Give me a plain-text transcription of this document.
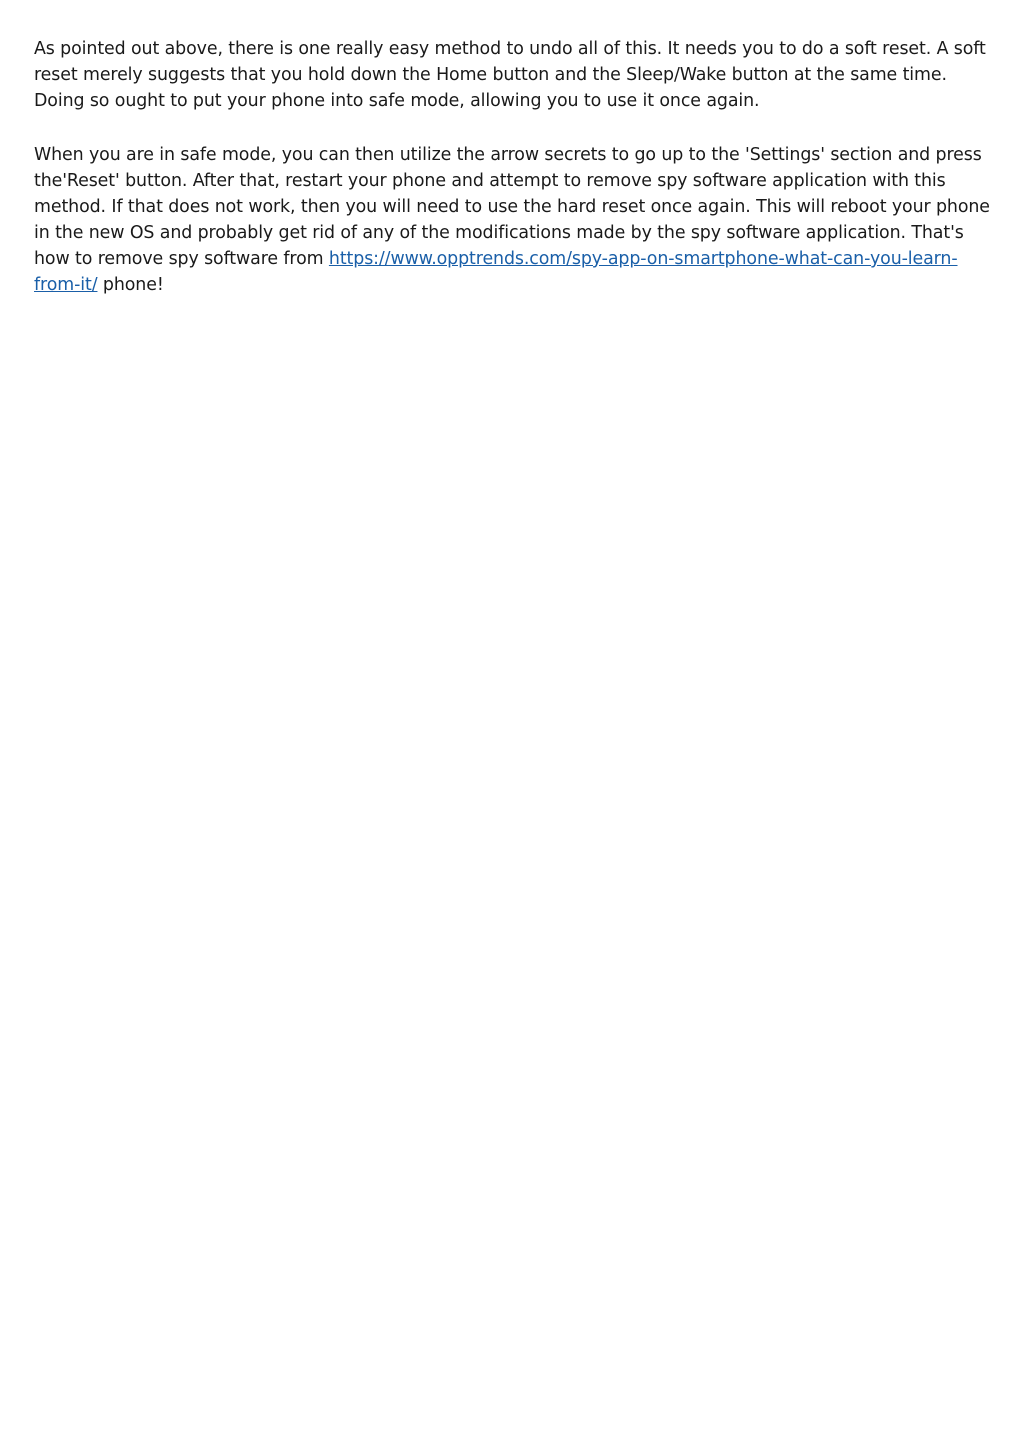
As pointed out above, there is one really easy method to undo all of this. It needs you to do a soft reset. A soft reset merely suggests that you hold down the Home button and the Sleep/Wake button at the same time. Doing so ought to put your phone into safe mode, allowing you to use it once again.

When you are in safe mode, you can then utilize the arrow secrets to go up to the 'Settings' section and press the'Reset' button. After that, restart your phone and attempt to remove spy software application with this method. If that does not work, then you will need to use the hard reset once again. This will reboot your phone in the new OS and probably get rid of any of the modifications made by the spy software application. That's how to remove spy software from https://www.opptrends.com/spy-app-on-smartphone-what-can-you-learn-from-it/ phone!
